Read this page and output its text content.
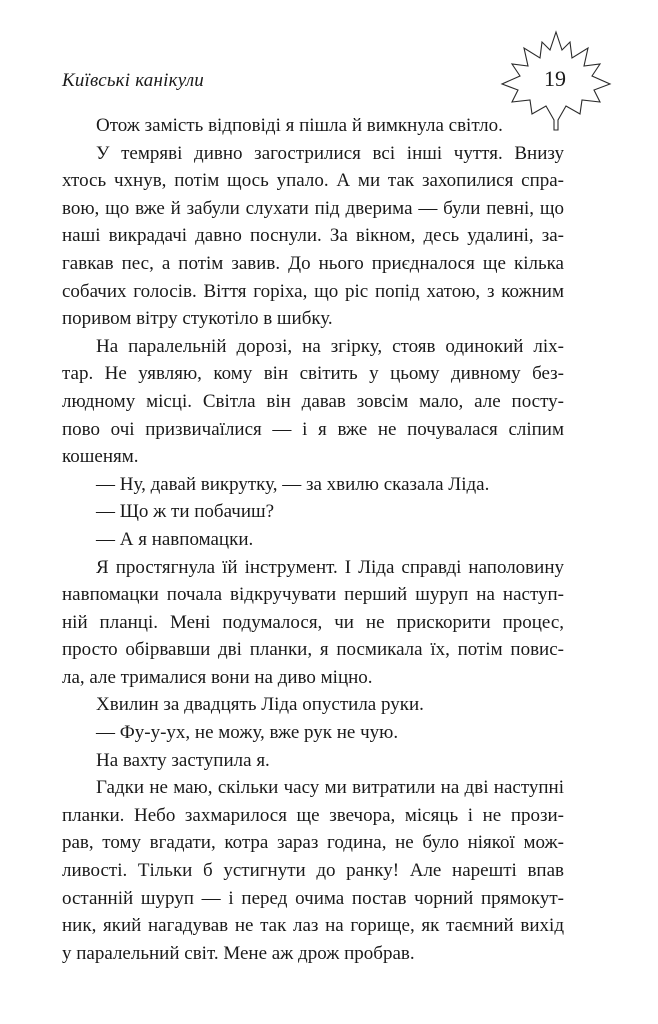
Київські канікули	19

Отож замість відповіді я пішла й вимкнула світло.

У темряві дивно загострилися всі інші чуття. Внизу

хтось чхнув, потім щось упало. А ми так захопилися спра-

вою, що вже й забули слухати під дверима — були певні, що

наші викрадачі давно поснули. За вікном, десь удалині, за-

гавкав пес, а потім завив. До нього приєдналося ще кілька

собачих голосів. Віття горіха, що ріс попід хатою, з кожним

поривом вітру стукотіло в шибку.

На паралельній дорозі, на згірку, стояв одинокий ліх-

тар. Не уявляю, кому він світить у цьому дивному без-

людному місці. Світла він давав зовсім мало, але посту-

пово очі призвичаїлися — і я вже не почувалася сліпим

кошеням.

— Ну, давай викрутку, — за хвилю сказала Ліда.

— Що ж ти побачиш?

— А я навпомацки.

Я простягнула їй інструмент. І Ліда справді наполовину

навпомацки почала відкручувати перший шуруп на наступ-

ній планці. Мені подумалося, чи не прискорити процес,

просто обірвавши дві планки, я посмикала їх, потім повис-

ла, але трималися вони на диво міцно.

Хвилин за двадцять Ліда опустила руки.

— Фу-у-ух, не можу, вже рук не чую.

На вахту заступила я.

Гадки не маю, скільки часу ми витратили на дві наступні

планки. Небо захмарилося ще звечора, місяць і не прози-

рав, тому вгадати, котра зараз година, не було ніякої мож-

ливості. Тільки б устигнути до ранку! Але нарешті впав

останній шуруп — і перед очима постав чорний прямокут-

ник, який нагадував не так лаз на горище, як таємний вихід

у паралельний світ. Мене аж дрож пробрав.
